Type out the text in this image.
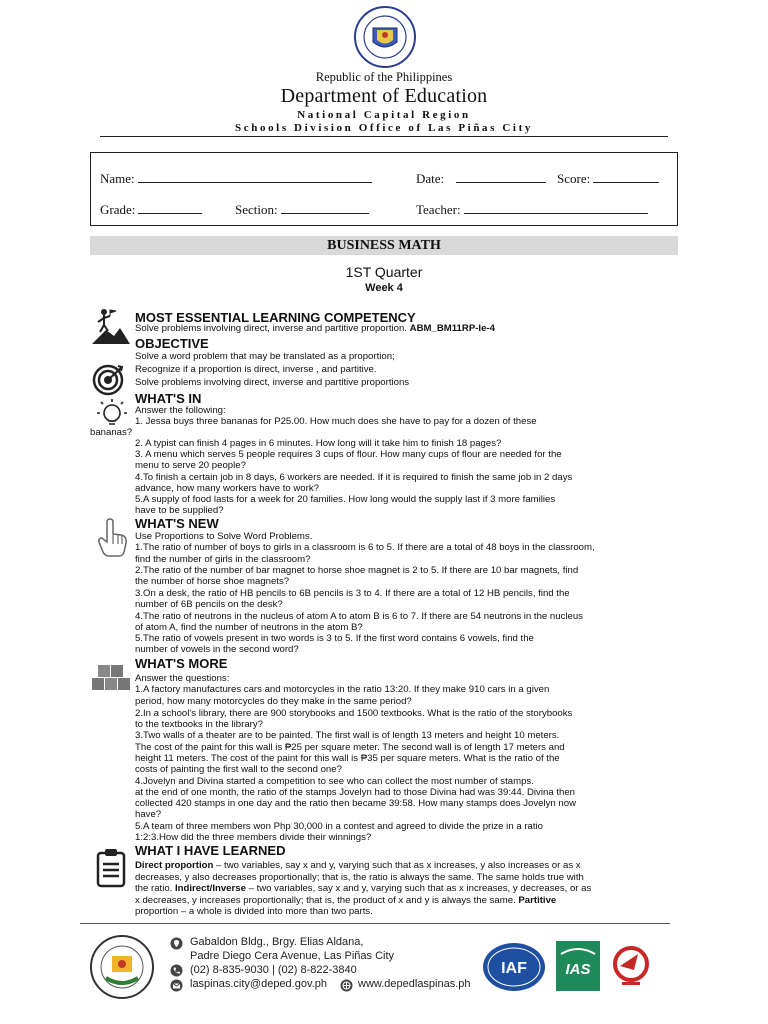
Republic of the Philippines
Department of Education
National Capital Region
Schools Division Office of Las Piñas City
Name:	Date:	Score:
Grade:	Section:	Teacher:
BUSINESS MATH
1ST Quarter
Week 4
MOST ESSENTIAL LEARNING COMPETENCY
Solve problems involving direct, inverse and partitive proportion. ABM_BM11RP-Ie-4
OBJECTIVE
Solve a word problem that may be translated as a proportion;
Recognize if a proportion is direct, inverse , and partitive.
Solve problems involving direct, inverse and partitive proportions
WHAT'S IN
Answer the following:
1. Jessa buys three bananas for P25.00. How much does she have to pay for a dozen of these
bananas?
2. A typist can finish 4 pages in 6 minutes. How long will it take him to finish 18 pages?
3. A menu which serves 5 people requires 3 cups of flour. How many cups of flour are needed for the
menu to serve 20 people?
4.To finish a certain job in 8 days, 6 workers are needed. If it is required to finish the same job in 2 days
advance, how many workers have to work?
5.A supply of food lasts for a week for 20 families. How long would the supply last if 3 more families
have to be supplied?
WHAT'S NEW
Use Proportions to Solve Word Problems.
1.The ratio of number of boys to girls in a classroom is 6 to 5. If there are a total of 48 boys in the classroom,
find the number of girls in the classroom?
2.The ratio of the number of bar magnet to horse shoe magnet is 2 to 5. If there are 10 bar magnets, find
the number of horse shoe magnets?
3.On a desk, the ratio of HB pencils to 6B pencils is 3 to 4. If there are a total of 12 HB pencils, find the
number of 6B pencils on the desk?
4.The ratio of neutrons in the nucleus of atom A to atom B is 6 to 7. If there are 54 neutrons in the nucleus
of atom A, find the number of neutrons in the atom B?
5.The ratio of vowels present in two words is 3 to 5. If the first word contains 6 vowels, find the
number of vowels in the second word?
WHAT'S MORE
Answer the questions:
1.A factory manufactures cars and motorcycles in the ratio 13:20. If they make 910 cars in a given
period, how many motorcycles do they make in the same period?
2.In a school's library, there are 900 storybooks and 1500 textbooks. What is the ratio of the storybooks
to the textbooks in the library?
3.Two walls of a theater are to be painted. The first wall is of length 13 meters and height 10 meters.
The cost of the paint for this wall is ₱25 per square meter. The second wall is of length 17 meters and
height 11 meters. The cost of the paint for this wall is ₱35 per square meters. What is the ratio of the
costs of painting the first wall to the second one?
4.Jovelyn and Divina started a competition to see who can collect the most number of stamps.
at the end of one month, the ratio of the stamps Jovelyn had to those Divina had was 39:44. Divina then
collected 420 stamps in one day and the ratio then became 39:58. How many stamps does Jovelyn now
have?
5.A team of three members won Php 30,000 in a contest and agreed to divide the prize in a ratio
1:2:3.How did the three members divide their winnings?
WHAT I HAVE LEARNED
Direct proportion – two variables, say x and y, varying such that as x increases, y also increases or as x
decreases, y also decreases proportionally; that is, the ratio is always the same. The same holds true with
the ratio. Indirect/Inverse – two variables, say x and y, varying such that as x increases, y decreases, or as
x decreases, y increases proportionally; that is, the product of x and y is always the same. Partitive
proportion – a whole is divided into more than two parts.
Gabaldon Bldg., Brgy. Elias Aldana,
Padre Diego Cera Avenue, Las Piñas City
(02) 8-835-9030 | (02) 8-822-3840
laspinas.city@deped.gov.ph	www.depedlaspinas.ph
IAF	IAS
